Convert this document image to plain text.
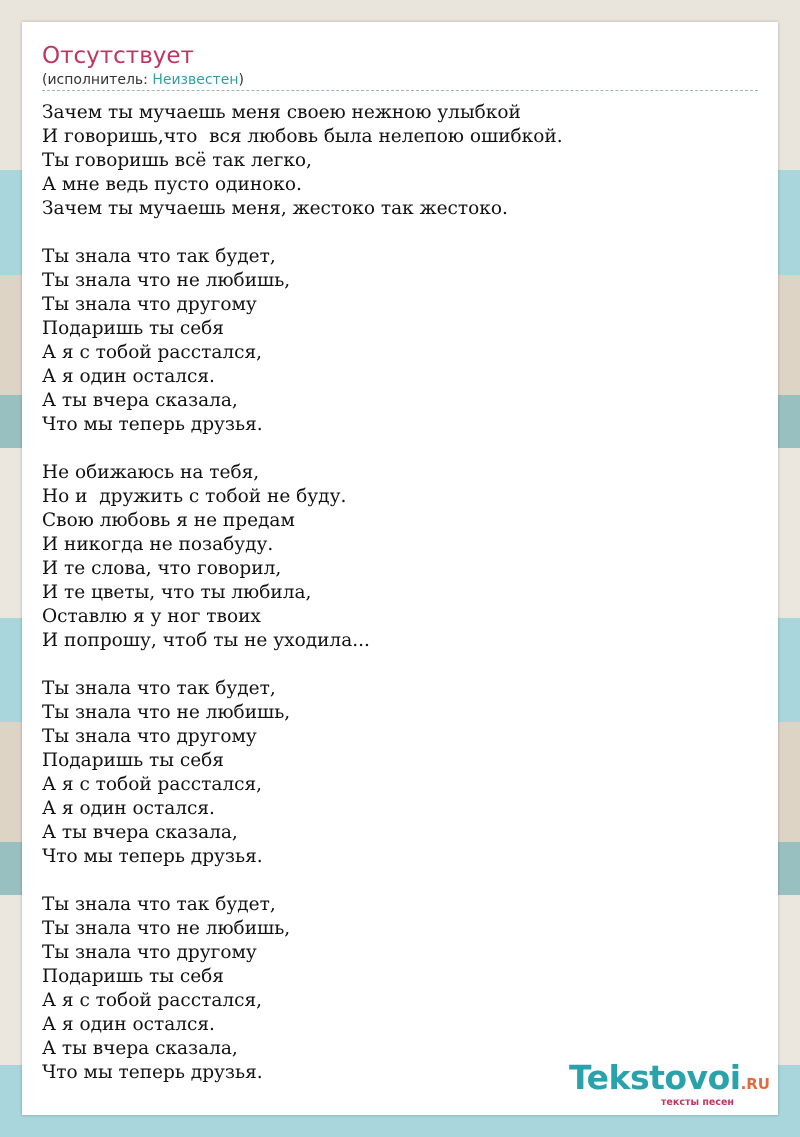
Отсутствует
(исполнитель: Неизвестен)
Зачем ты мучаешь меня своею нежною улыбкой
И говоришь,что  вся любовь была нелепою ошибкой.
Ты говоришь всё так легко,
А мне ведь пусто одиноко.
Зачем ты мучаешь меня, жестоко так жестоко.
Ты знала что так будет,
Ты знала что не любишь,
Ты знала что другому
Подаришь ты себя
А я с тобой расстался,
А я один остался.
А ты вчера сказала,
Что мы теперь друзья.
Не обижаюсь на тебя,
Но и  дружить с тобой не буду.
Свою любовь я не предам
И никогда не позабуду.
И те слова, что говорил,
И те цветы, что ты любила,
Оставлю я у ног твоих
И попрошу, чтоб ты не уходила...
Ты знала что так будет,
Ты знала что не любишь,
Ты знала что другому
Подаришь ты себя
А я с тобой расстался,
А я один остался.
А ты вчера сказала,
Что мы теперь друзья.
Ты знала что так будет,
Ты знала что не любишь,
Ты знала что другому
Подаришь ты себя
А я с тобой расстался,
А я один остался.
А ты вчера сказала,
Что мы теперь друзья.	Tekstovoi.RU
тексты песен
